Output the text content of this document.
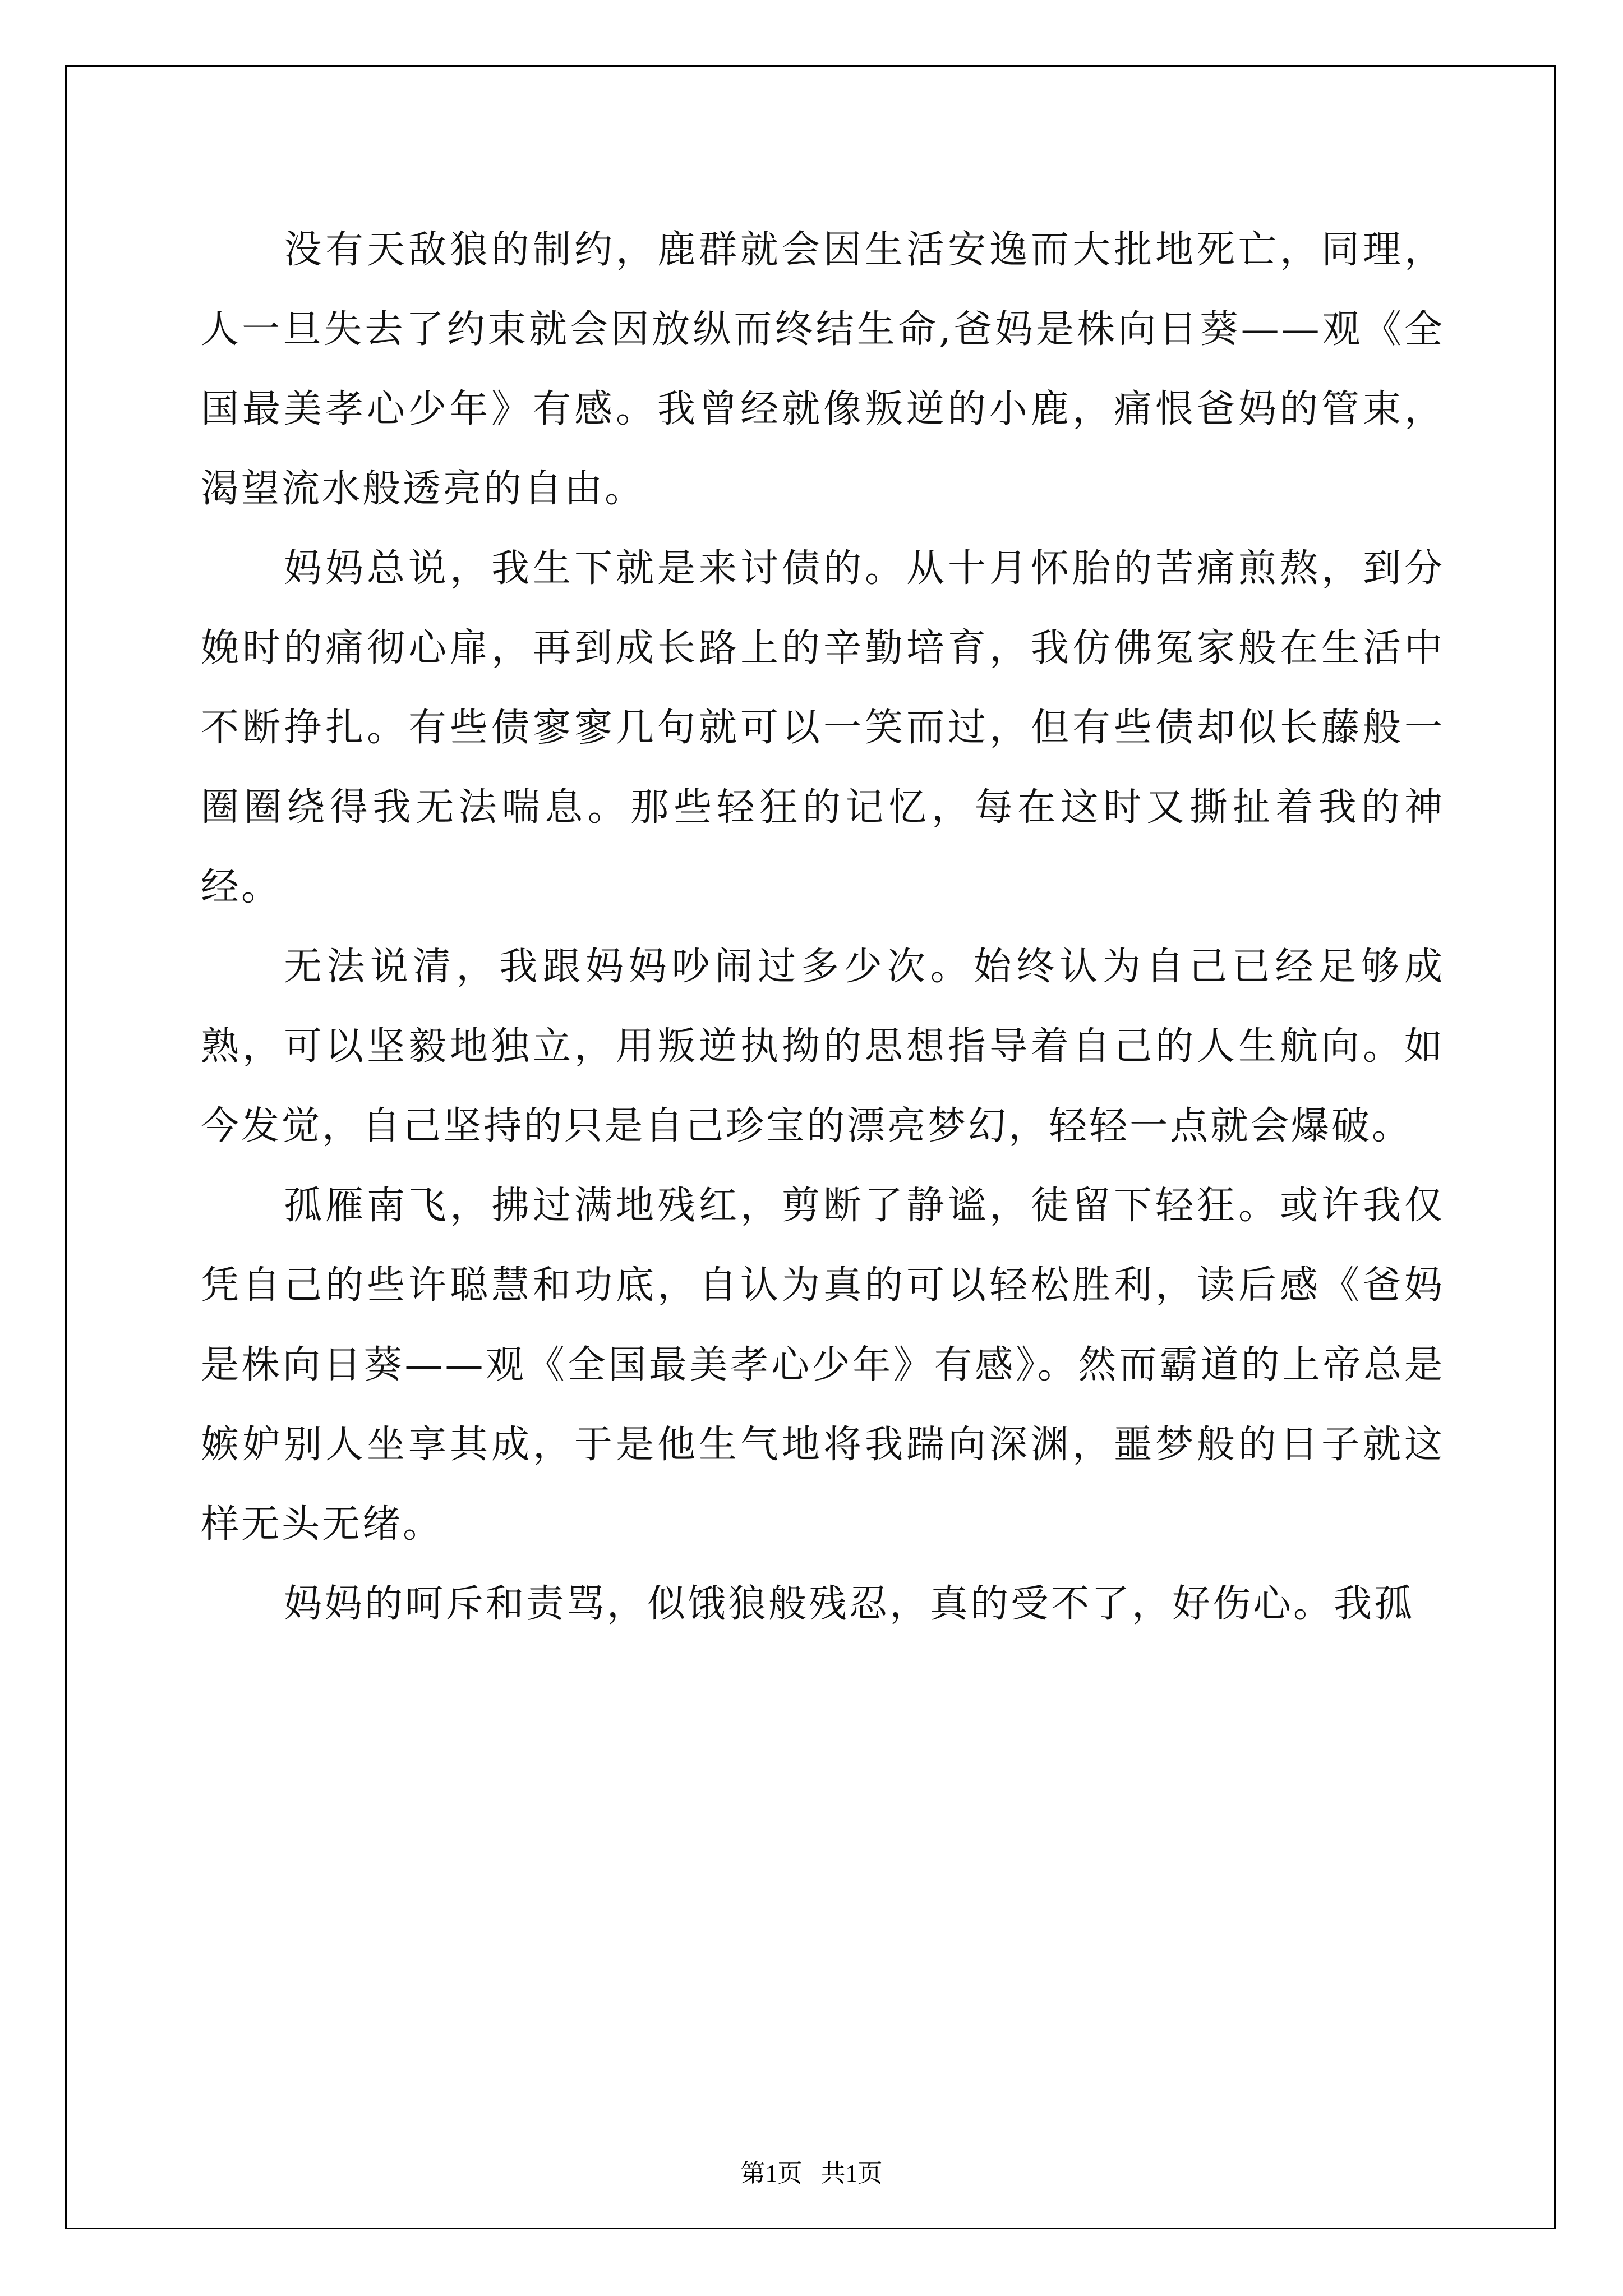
没有天敌狼的制约，鹿群就会因生活安逸而大批地死亡，同理，人一旦失去了约束就会因放纵而终结生命,爸妈是株向日葵——观《全国最美孝心少年》有感。我曾经就像叛逆的小鹿，痛恨爸妈的管束，渴望流水般透亮的自由。

妈妈总说，我生下就是来讨债的。从十月怀胎的苦痛煎熬，到分娩时的痛彻心扉，再到成长路上的辛勤培育，我仿佛冤家般在生活中不断挣扎。有些债寥寥几句就可以一笑而过，但有些债却似长藤般一圈圈绕得我无法喘息。那些轻狂的记忆，每在这时又撕扯着我的神经。

无法说清，我跟妈妈吵闹过多少次。始终认为自己已经足够成熟，可以坚毅地独立，用叛逆执拗的思想指导着自己的人生航向。如今发觉，自己坚持的只是自己珍宝的漂亮梦幻，轻轻一点就会爆破。

孤雁南飞，拂过满地残红，剪断了静谧，徒留下轻狂。或许我仅凭自己的些许聪慧和功底，自认为真的可以轻松胜利，读后感《爸妈是株向日葵——观《全国最美孝心少年》有感》。然而霸道的上帝总是嫉妒别人坐享其成，于是他生气地将我踹向深渊，噩梦般的日子就这样无头无绪。

妈妈的呵斥和责骂，似饿狼般残忍，真的受不了，好伤心。我孤

第1页   共1页
